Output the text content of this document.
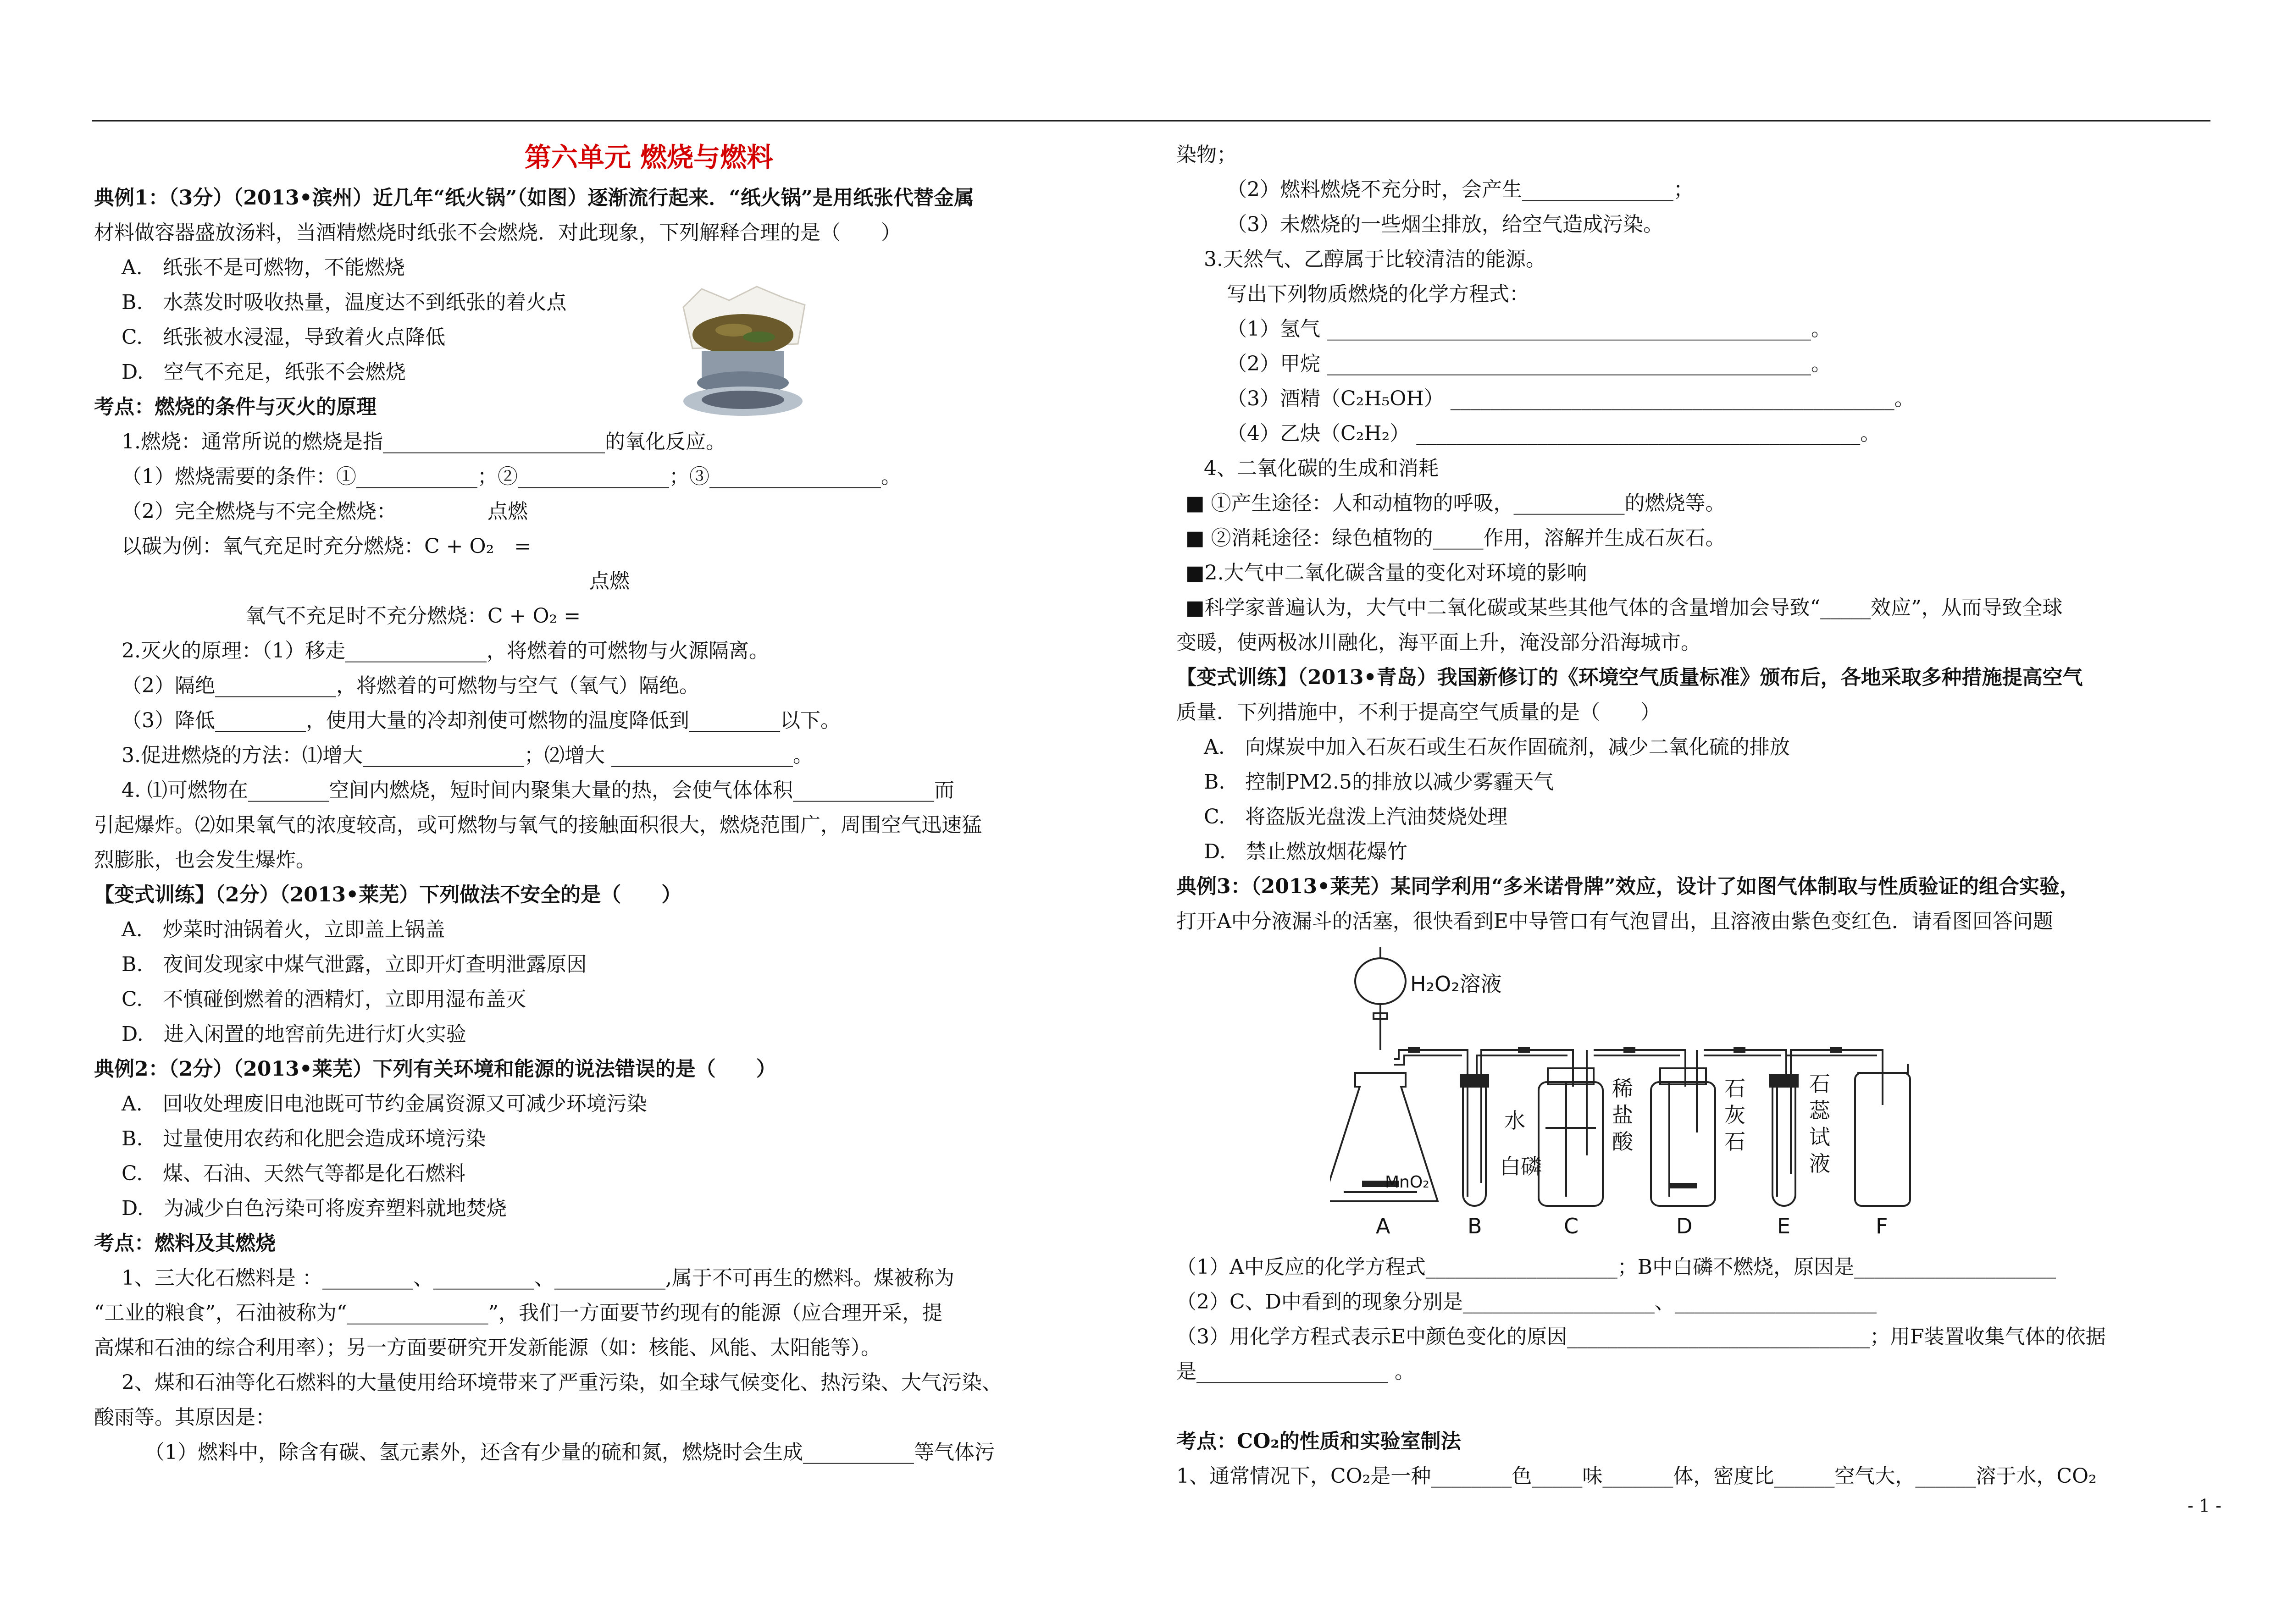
第六单元 燃烧与燃料
典例1：（3分）（2013•滨州）近几年“纸火锅”（如图）逐渐流行起来．“纸火锅”是用纸张代替金属
材料做容器盛放汤料，当酒精燃烧时纸张不会燃烧．对此现象，下列解释合理的是（　　）
A.　纸张不是可燃物，不能燃烧
B.　水蒸发时吸收热量，温度达不到纸张的着火点
C.　纸张被水浸湿，导致着火点降低
D.　空气不充足，纸张不会燃烧
考点：燃烧的条件与灭火的原理
1.燃烧：通常所说的燃烧是指______________________的氧化反应。
（1）燃烧需要的条件：①____________；②_______________；③_________________。
（2）完全燃烧与不完全燃烧：　　　　　点燃
以碳为例：氧气充足时充分燃烧：C + O₂　=
点燃
氧气不充足时不充分燃烧：C + O₂ =
2.灭火的原理：（1）移走______________，将燃着的可燃物与火源隔离。
（2）隔绝____________，将燃着的可燃物与空气（氧气）隔绝。
（3）降低_________，使用大量的冷却剂使可燃物的温度降低到_________以下。
3.促进燃烧的方法：⑴增大________________；⑵增大 __________________。
4. ⑴可燃物在________空间内燃烧，短时间内聚集大量的热，会使气体体积______________而
引起爆炸。⑵如果氧气的浓度较高，或可燃物与氧气的接触面积很大，燃烧范围广，周围空气迅速猛
烈膨胀，也会发生爆炸。
【变式训练】（2分）（2013•莱芜）下列做法不安全的是（　　）
A.　炒菜时油锅着火，立即盖上锅盖
B.　夜间发现家中煤气泄露，立即开灯查明泄露原因
C.　不慎碰倒燃着的酒精灯，立即用湿布盖灭
D.　进入闲置的地窖前先进行灯火实验
典例2：（2分）（2013•莱芜）下列有关环境和能源的说法错误的是（　　）
A.　回收处理废旧电池既可节约金属资源又可减少环境污染
B.　过量使用农药和化肥会造成环境污染
C.　煤、石油、天然气等都是化石燃料
D.　为减少白色污染可将废弃塑料就地焚烧
考点：燃料及其燃烧
1、三大化石燃料是 ：_________、__________、___________,属于不可再生的燃料。煤被称为
“工业的粮食”，石油被称为“______________”，我们一方面要节约现有的能源（应合理开采，提
高煤和石油的综合利用率）；另一方面要研究开发新能源（如：核能、风能、太阳能等）。
2、煤和石油等化石燃料的大量使用给环境带来了严重污染，如全球气候变化、热污染、大气污染、
酸雨等。其原因是：
（1）燃料中，除含有碳、氢元素外，还含有少量的硫和氮，燃烧时会生成___________等气体污
染物；
（2）燃料燃烧不充分时，会产生_______________；
（3）未燃烧的一些烟尘排放，给空气造成污染。
3.天然气、乙醇属于比较清洁的能源。
写出下列物质燃烧的化学方程式：
（1）氢气 ________________________________________________。
（2）甲烷 ________________________________________________。
（3）酒精（C₂H₅OH） ____________________________________________。
（4）乙炔（C₂H₂） ____________________________________________。
4、二氧化碳的生成和消耗
■ ①产生途径：人和动植物的呼吸，___________的燃烧等。
■ ②消耗途径：绿色植物的_____作用，溶解并生成石灰石。
■2.大气中二氧化碳含量的变化对环境的影响
■科学家普遍认为，大气中二氧化碳或某些其他气体的含量增加会导致“_____效应”，从而导致全球
变暖，使两极冰川融化，海平面上升，淹没部分沿海城市。
【变式训练】（2013•青岛）我国新修订的《环境空气质量标准》颁布后，各地采取多种措施提高空气
质量．下列措施中，不利于提高空气质量的是（　　）
A.　向煤炭中加入石灰石或生石灰作固硫剂，减少二氧化硫的排放
B.　控制PM2.5的排放以减少雾霾天气
C.　将盗版光盘泼上汽油焚烧处理
D.　禁止燃放烟花爆竹
典例3：（2013•莱芜）某同学利用“多米诺骨牌”效应，设计了如图气体制取与性质验证的组合实验，
打开A中分液漏斗的活塞，很快看到E中导管口有气泡冒出，且溶液由紫色变红色．请看图回答问题
（1）A中反应的化学方程式___________________；B中白磷不燃烧，原因是____________________
（2）C、D中看到的现象分别是___________________、____________________
（3）用化学方程式表示E中颜色变化的原因______________________________；用F装置收集气体的依据
是___________________ 。
考点：CO₂的性质和实验室制法
1、通常情况下，CO₂是一种________色_____味_______体，密度比______空气大，______溶于水，CO₂
H₂O₂溶液
MnO₂
水
白磷
稀盐酸
石灰石
石蕊试液
A	B	C	D	E	F
- 1 -
